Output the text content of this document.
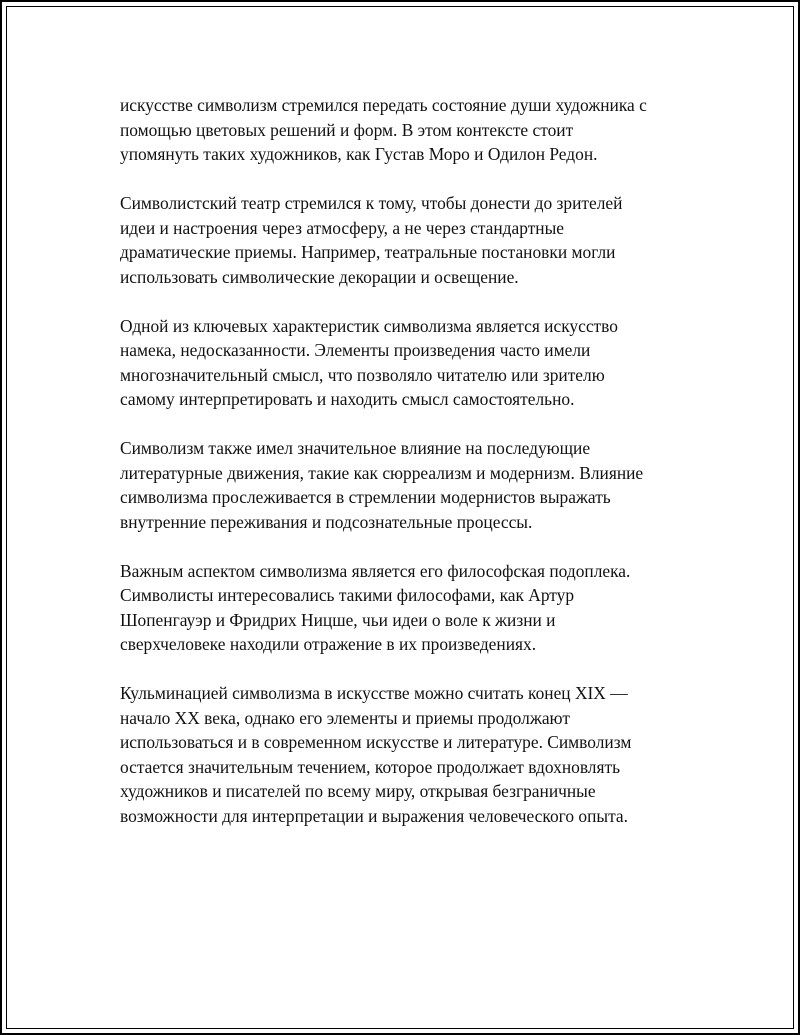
искусстве символизм стремился передать состояние души художника с
помощью цветовых решений и форм. В этом контексте стоит
упомянуть таких художников, как Густав Моро и Одилон Редон.

Символистский театр стремился к тому, чтобы донести до зрителей
идеи и настроения через атмосферу, а не через стандартные
драматические приемы. Например, театральные постановки могли
использовать символические декорации и освещение.

Одной из ключевых характеристик символизма является искусство
намека, недосказанности. Элементы произведения часто имели
многозначительный смысл, что позволяло читателю или зрителю
самому интерпретировать и находить смысл самостоятельно.

Символизм также имел значительное влияние на последующие
литературные движения, такие как сюрреализм и модернизм. Влияние
символизма прослеживается в стремлении модернистов выражать
внутренние переживания и подсознательные процессы.

Важным аспектом символизма является его философская подоплека.
Символисты интересовались такими философами, как Артур
Шопенгауэр и Фридрих Ницше, чьи идеи о воле к жизни и
сверхчеловеке находили отражение в их произведениях.

Кульминацией символизма в искусстве можно считать конец XIX —
начало XX века, однако его элементы и приемы продолжают
использоваться и в современном искусстве и литературе. Символизм
остается значительным течением, которое продолжает вдохновлять
художников и писателей по всему миру, открывая безграничные
возможности для интерпретации и выражения человеческого опыта.
